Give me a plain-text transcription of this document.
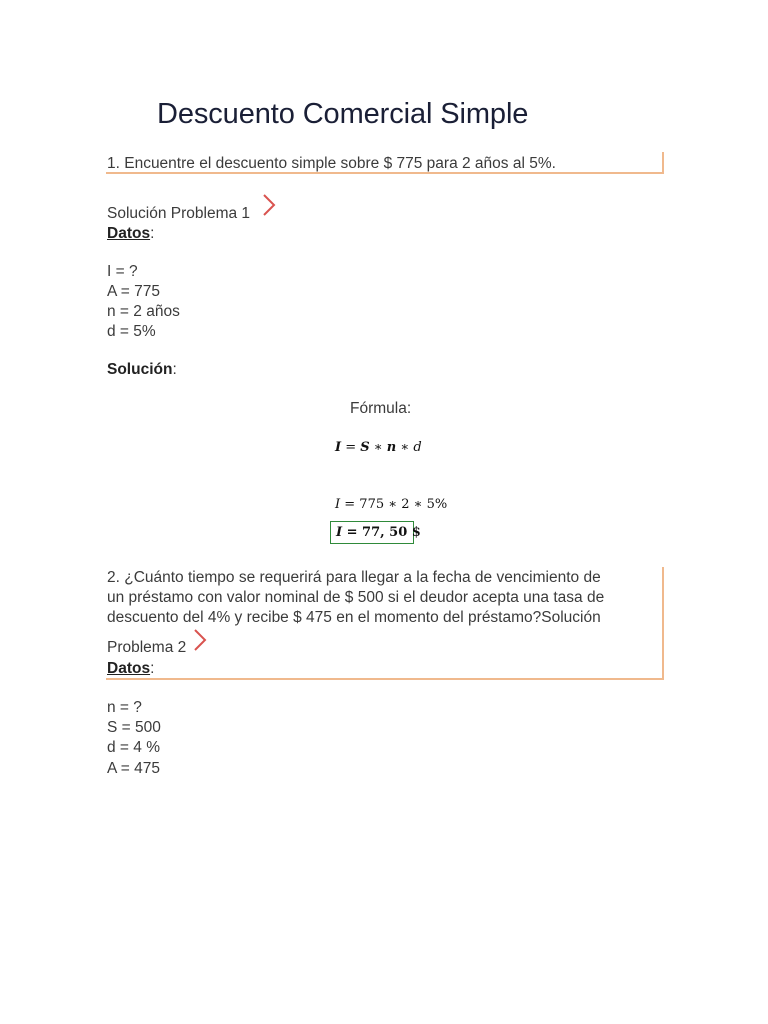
Descuento Comercial Simple
1. Encuentre el descuento simple sobre $ 775 para 2 años al 5%.
Solución Problema 1
Datos:
I = ?
A = 775
n = 2 años
d = 5%
Solución:
Fórmula:
I = S ∗ n ∗ d
I = 775 ∗ 2 ∗ 5%
I = 77, 50 $
2. ¿Cuánto tiempo se requerirá para llegar a la fecha de vencimiento de
un préstamo con valor nominal de $ 500 si el deudor acepta una tasa de
descuento del 4% y recibe $ 475 en el momento del préstamo?Solución
Problema 2
Datos:
n = ?
S = 500
d = 4 %
A = 475
